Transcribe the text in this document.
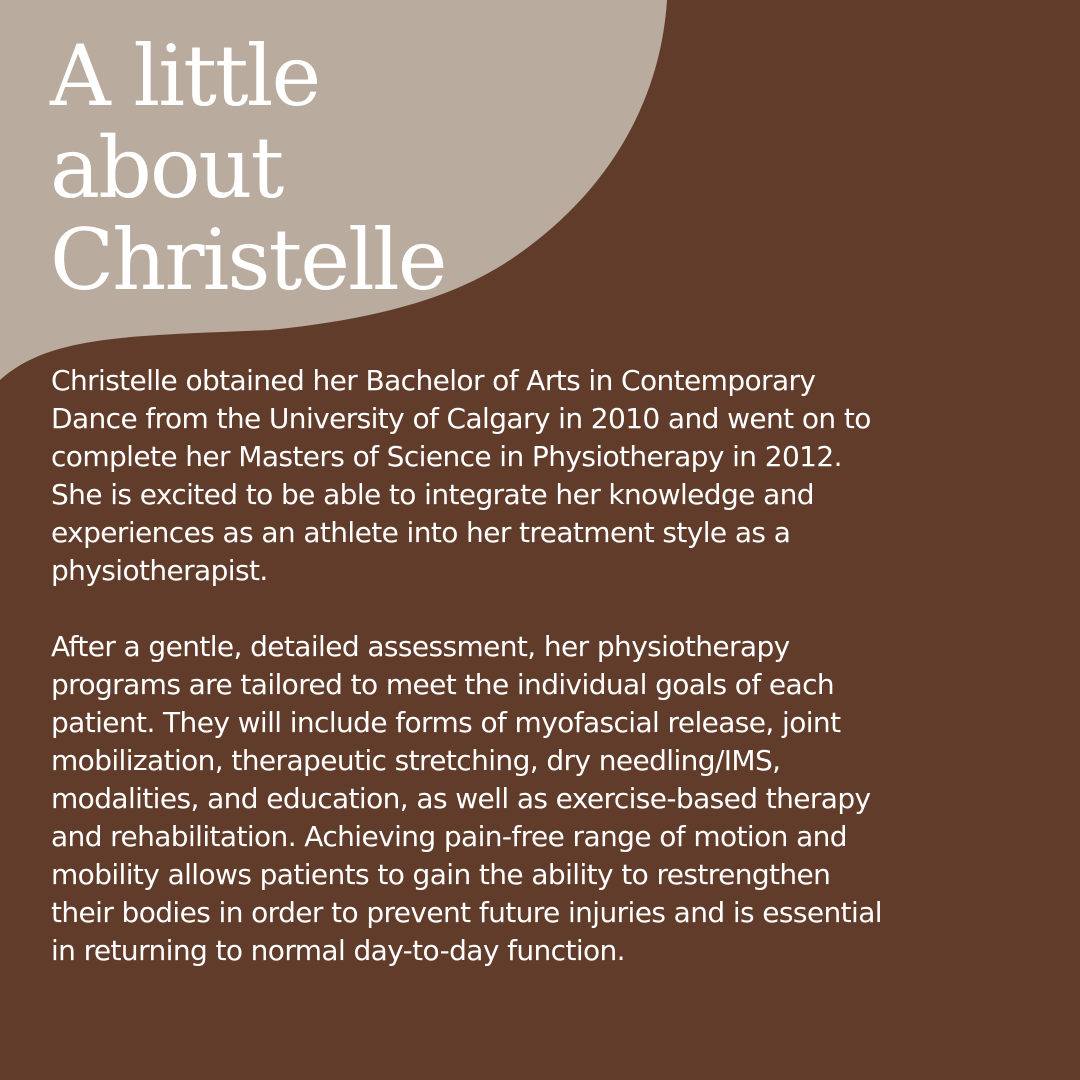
A little
about
Christelle
Christelle obtained her Bachelor of Arts in Contemporary
Dance from the University of Calgary in 2010 and went on to
complete her Masters of Science in Physiotherapy in 2012.
She is excited to be able to integrate her knowledge and
experiences as an athlete into her treatment style as a
physiotherapist.
After a gentle, detailed assessment, her physiotherapy
programs are tailored to meet the individual goals of each
patient. They will include forms of myofascial release, joint
mobilization, therapeutic stretching, dry needling/IMS,
modalities, and education, as well as exercise-based therapy
and rehabilitation. Achieving pain-free range of motion and
mobility allows patients to gain the ability to restrengthen
their bodies in order to prevent future injuries and is essential
in returning to normal day-to-day function.
